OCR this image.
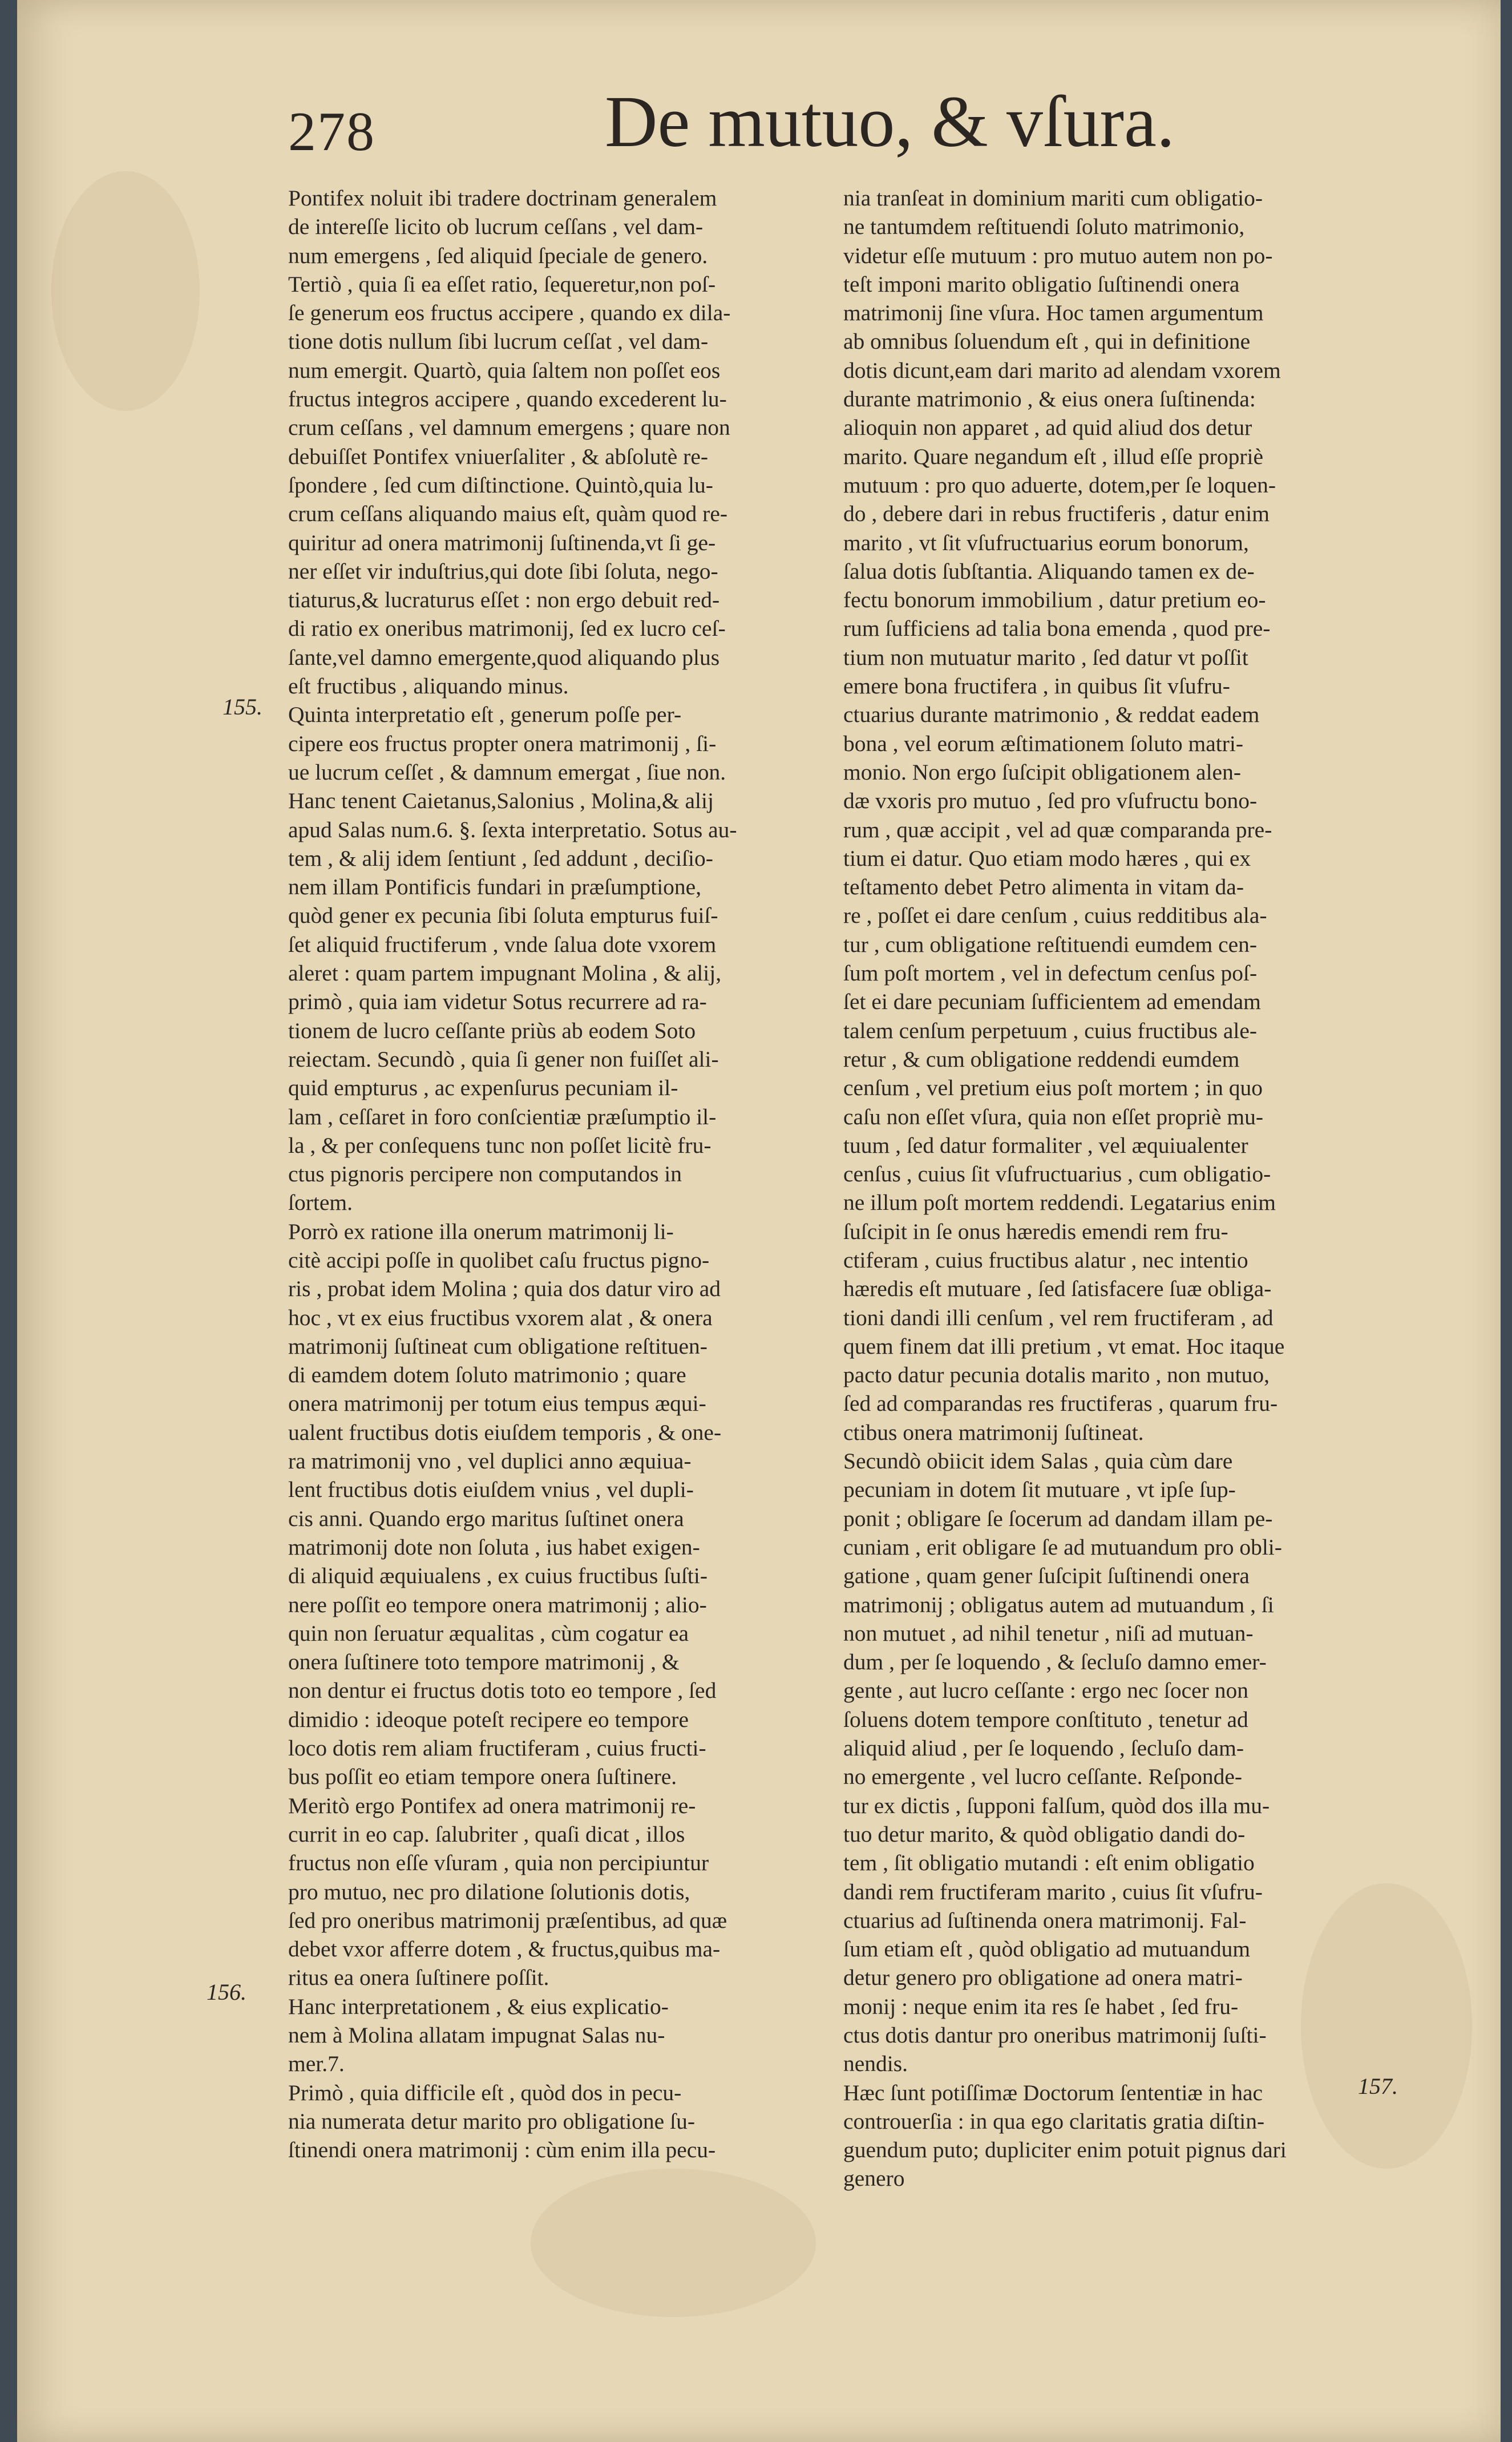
278	De mutuo, & vſura.
155.
156.
157.
Pontifex noluit ibi tradere doctrinam generalem
de intereſſe licito ob lucrum ceſſans , vel dam-
num emergens , ſed aliquid ſpeciale de genero.
Tertiò , quia ſi ea eſſet ratio, ſequeretur,non poſ-
ſe generum eos fructus accipere , quando ex dila-
tione dotis nullum ſibi lucrum ceſſat , vel dam-
num emergit. Quartò, quia ſaltem non poſſet eos
fructus integros accipere , quando excederent lu-
crum ceſſans , vel damnum emergens ; quare non
debuiſſet Pontifex vniuerſaliter , & abſolutè re-
ſpondere , ſed cum diſtinctione. Quintò,quia lu-
crum ceſſans aliquando maius eſt, quàm quod re-
quiritur ad onera matrimonij ſuſtinenda,vt ſi ge-
ner eſſet vir induſtrius,qui dote ſibi ſoluta, nego-
tiaturus,& lucraturus eſſet : non ergo debuit red-
di ratio ex oneribus matrimonij, ſed ex lucro ceſ-
ſante,vel damno emergente,quod aliquando plus
eſt fructibus , aliquando minus.
Quinta interpretatio eſt , generum poſſe per-
cipere eos fructus propter onera matrimonij , ſi-
ue lucrum ceſſet , & damnum emergat , ſiue non.
Hanc tenent Caietanus,Salonius , Molina,& alij
apud Salas num.6. §. ſexta interpretatio. Sotus au-
tem , & alij idem ſentiunt , ſed addunt , deciſio-
nem illam Pontificis fundari in præſumptione,
quòd gener ex pecunia ſibi ſoluta empturus fuiſ-
ſet aliquid fructiferum , vnde ſalua dote vxorem
aleret : quam partem impugnant Molina , & alij,
primò , quia iam videtur Sotus recurrere ad ra-
tionem de lucro ceſſante priùs ab eodem Soto
reiectam. Secundò , quia ſi gener non fuiſſet ali-
quid empturus , ac expenſurus pecuniam il-
lam , ceſſaret in foro conſcientiæ præſumptio il-
la , & per conſequens tunc non poſſet licitè fru-
ctus pignoris percipere non computandos in
ſortem.
Porrò ex ratione illa onerum matrimonij li-
citè accipi poſſe in quolibet caſu fructus pigno-
ris , probat idem Molina ; quia dos datur viro ad
hoc , vt ex eius fructibus vxorem alat , & onera
matrimonij ſuſtineat cum obligatione reſtituen-
di eamdem dotem ſoluto matrimonio ; quare
onera matrimonij per totum eius tempus æqui-
ualent fructibus dotis eiuſdem temporis , & one-
ra matrimonij vno , vel duplici anno æquiua-
lent fructibus dotis eiuſdem vnius , vel dupli-
cis anni. Quando ergo maritus ſuſtinet onera
matrimonij dote non ſoluta , ius habet exigen-
di aliquid æquiualens , ex cuius fructibus ſuſti-
nere poſſit eo tempore onera matrimonij ; alio-
quin non ſeruatur æqualitas , cùm cogatur ea
onera ſuſtinere toto tempore matrimonij , &
non dentur ei fructus dotis toto eo tempore , ſed
dimidio : ideoque poteſt recipere eo tempore
loco dotis rem aliam fructiferam , cuius fructi-
bus poſſit eo etiam tempore onera ſuſtinere.
Meritò ergo Pontifex ad onera matrimonij re-
currit in eo cap. ſalubriter , quaſi dicat , illos
fructus non eſſe vſuram , quia non percipiuntur
pro mutuo, nec pro dilatione ſolutionis dotis,
ſed pro oneribus matrimonij præſentibus, ad quæ
debet vxor afferre dotem , & fructus,quibus ma-
ritus ea onera ſuſtinere poſſit.
Hanc interpretationem , & eius explicatio-
nem à Molina allatam impugnat Salas nu-
mer.7.
Primò , quia difficile eſt , quòd dos in pecu-
nia numerata detur marito pro obligatione ſu-
ſtinendi onera matrimonij : cùm enim illa pecu-
nia tranſeat in dominium mariti cum obligatio-
ne tantumdem reſtituendi ſoluto matrimonio,
videtur eſſe mutuum : pro mutuo autem non po-
teſt imponi marito obligatio ſuſtinendi onera
matrimonij ſine vſura. Hoc tamen argumentum
ab omnibus ſoluendum eſt , qui in definitione
dotis dicunt,eam dari marito ad alendam vxorem
durante matrimonio , & eius onera ſuſtinenda:
alioquin non apparet , ad quid aliud dos detur
marito. Quare negandum eſt , illud eſſe propriè
mutuum : pro quo aduerte, dotem,per ſe loquen-
do , debere dari in rebus fructiferis , datur enim
marito , vt ſit vſufructuarius eorum bonorum,
ſalua dotis ſubſtantia. Aliquando tamen ex de-
fectu bonorum immobilium , datur pretium eo-
rum ſufficiens ad talia bona emenda , quod pre-
tium non mutuatur marito , ſed datur vt poſſit
emere bona fructifera , in quibus ſit vſufru-
ctuarius durante matrimonio , & reddat eadem
bona , vel eorum æſtimationem ſoluto matri-
monio. Non ergo ſuſcipit obligationem alen-
dæ vxoris pro mutuo , ſed pro vſufructu bono-
rum , quæ accipit , vel ad quæ comparanda pre-
tium ei datur. Quo etiam modo hæres , qui ex
teſtamento debet Petro alimenta in vitam da-
re , poſſet ei dare cenſum , cuius redditibus ala-
tur , cum obligatione reſtituendi eumdem cen-
ſum poſt mortem , vel in defectum cenſus poſ-
ſet ei dare pecuniam ſufficientem ad emendam
talem cenſum perpetuum , cuius fructibus ale-
retur , & cum obligatione reddendi eumdem
cenſum , vel pretium eius poſt mortem ; in quo
caſu non eſſet vſura, quia non eſſet propriè mu-
tuum , ſed datur formaliter , vel æquiualenter
cenſus , cuius ſit vſufructuarius , cum obligatio-
ne illum poſt mortem reddendi. Legatarius enim
ſuſcipit in ſe onus hæredis emendi rem fru-
ctiferam , cuius fructibus alatur , nec intentio
hæredis eſt mutuare , ſed ſatisfacere ſuæ obliga-
tioni dandi illi cenſum , vel rem fructiferam , ad
quem finem dat illi pretium , vt emat. Hoc itaque
pacto datur pecunia dotalis marito , non mutuo,
ſed ad comparandas res fructiferas , quarum fru-
ctibus onera matrimonij ſuſtineat.
Secundò obiicit idem Salas , quia cùm dare
pecuniam in dotem ſit mutuare , vt ipſe ſup-
ponit ; obligare ſe ſocerum ad dandam illam pe-
cuniam , erit obligare ſe ad mutuandum pro obli-
gatione , quam gener ſuſcipit ſuſtinendi onera
matrimonij ; obligatus autem ad mutuandum , ſi
non mutuet , ad nihil tenetur , niſi ad mutuan-
dum , per ſe loquendo , & ſecluſo damno emer-
gente , aut lucro ceſſante : ergo nec ſocer non
ſoluens dotem tempore conſtituto , tenetur ad
aliquid aliud , per ſe loquendo , ſecluſo dam-
no emergente , vel lucro ceſſante. Reſponde-
tur ex dictis , ſupponi falſum, quòd dos illa mu-
tuo detur marito, & quòd obligatio dandi do-
tem , ſit obligatio mutandi : eſt enim obligatio
dandi rem fructiferam marito , cuius ſit vſufru-
ctuarius ad ſuſtinenda onera matrimonij. Fal-
ſum etiam eſt , quòd obligatio ad mutuandum
detur genero pro obligatione ad onera matri-
monij : neque enim ita res ſe habet , ſed fru-
ctus dotis dantur pro oneribus matrimonij ſuſti-
nendis.
Hæc ſunt potiſſimæ Doctorum ſententiæ in hac
controuerſia : in qua ego claritatis gratia diſtin-
guendum puto; dupliciter enim potuit pignus dari
genero
